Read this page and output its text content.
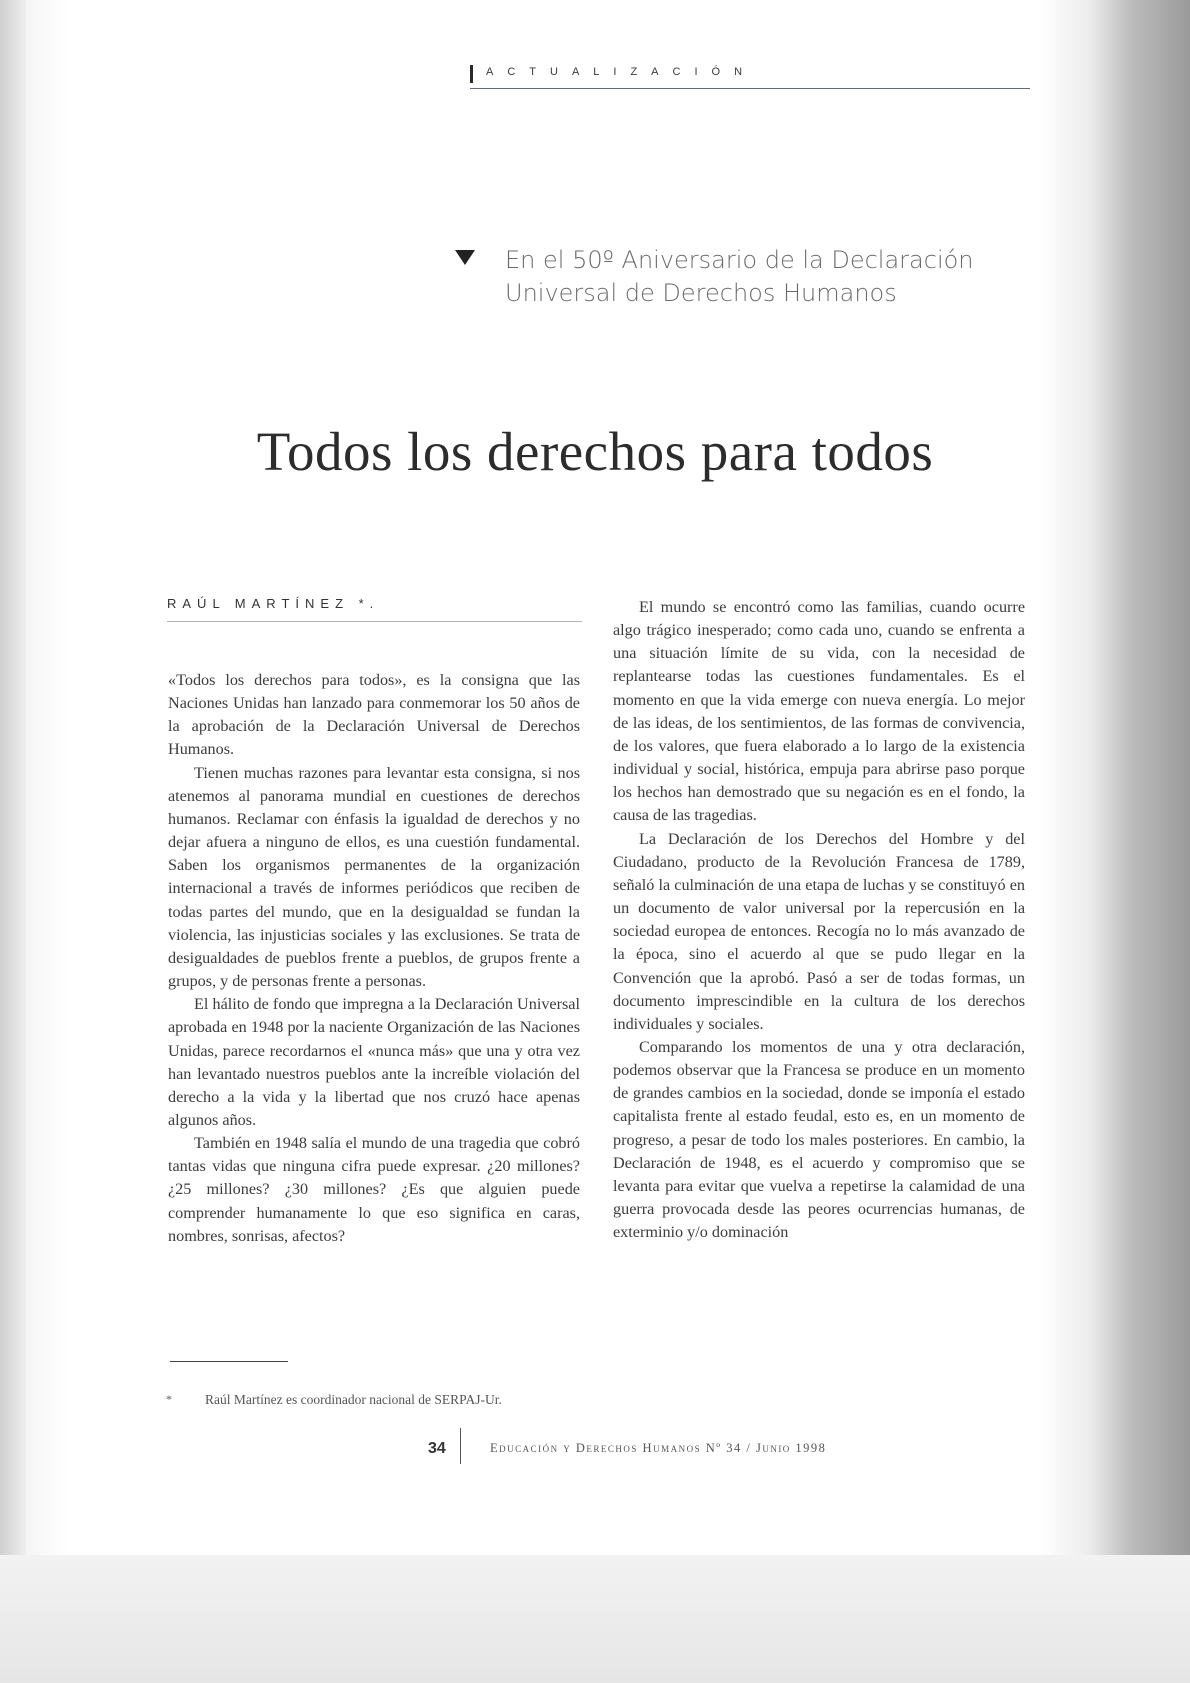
ACTUALIZACIÓN
En el 50º Aniversario de la Declaración
Universal de Derechos Humanos
Todos los derechos para todos
RAÚL MARTÍNEZ *.

«Todos los derechos para todos», es la consigna que las Naciones Unidas han lanzado para conmemorar los 50 años de la aprobación de la Declaración Universal de Derechos Humanos.

Tienen muchas razones para levantar esta consigna, si nos atenemos al panorama mundial en cuestiones de derechos humanos. Reclamar con énfasis la igualdad de derechos y no dejar afuera a ninguno de ellos, es una cuestión fundamental. Saben los organismos permanentes de la organización internacional a través de informes periódicos que reciben de todas partes del mundo, que en la desigualdad se fundan la violencia, las injusticias sociales y las exclusiones. Se trata de desigualdades de pueblos frente a pueblos, de grupos frente a grupos, y de personas frente a personas.

El hálito de fondo que impregna a la Declaración Universal aprobada en 1948 por la naciente Organización de las Naciones Unidas, parece recordarnos el «nunca más» que una y otra vez han levantado nuestros pueblos ante la increíble violación del derecho a la vida y la libertad que nos cruzó hace apenas algunos años.

También en 1948 salía el mundo de una tragedia que cobró tantas vidas que ninguna cifra puede expresar. ¿20 millones? ¿25 millones? ¿30 millones? ¿Es que alguien puede comprender humanamente lo que eso significa en caras, nombres, sonrisas, afectos?

El mundo se encontró como las familias, cuando ocurre algo trágico inesperado; como cada uno, cuando se enfrenta a una situación límite de su vida, con la necesidad de replantearse todas las cuestiones fundamentales. Es el momento en que la vida emerge con nueva energía. Lo mejor de las ideas, de los sentimientos, de las formas de convivencia, de los valores, que fuera elaborado a lo largo de la existencia individual y social, histórica, empuja para abrirse paso porque los hechos han demostrado que su negación es en el fondo, la causa de las tragedias.

La Declaración de los Derechos del Hombre y del Ciudadano, producto de la Revolución Francesa de 1789, señaló la culminación de una etapa de luchas y se constituyó en un documento de valor universal por la repercusión en la sociedad europea de entonces. Recogía no lo más avanzado de la época, sino el acuerdo al que se pudo llegar en la Convención que la aprobó. Pasó a ser de todas formas, un documento imprescindible en la cultura de los derechos individuales y sociales.

Comparando los momentos de una y otra declaración, podemos observar que la Francesa se produce en un momento de grandes cambios en la sociedad, donde se imponía el estado capitalista frente al estado feudal, esto es, en un momento de progreso, a pesar de todo los males posteriores. En cambio, la Declaración de 1948, es el acuerdo y compromiso que se levanta para evitar que vuelva a repetirse la calamidad de una guerra provocada desde las peores ocurrencias humanas, de exterminio y/o dominación

* Raúl Martínez es coordinador nacional de SERPAJ-Ur.
34	Educación y Derechos Humanos Nº 34 / Junio 1998
